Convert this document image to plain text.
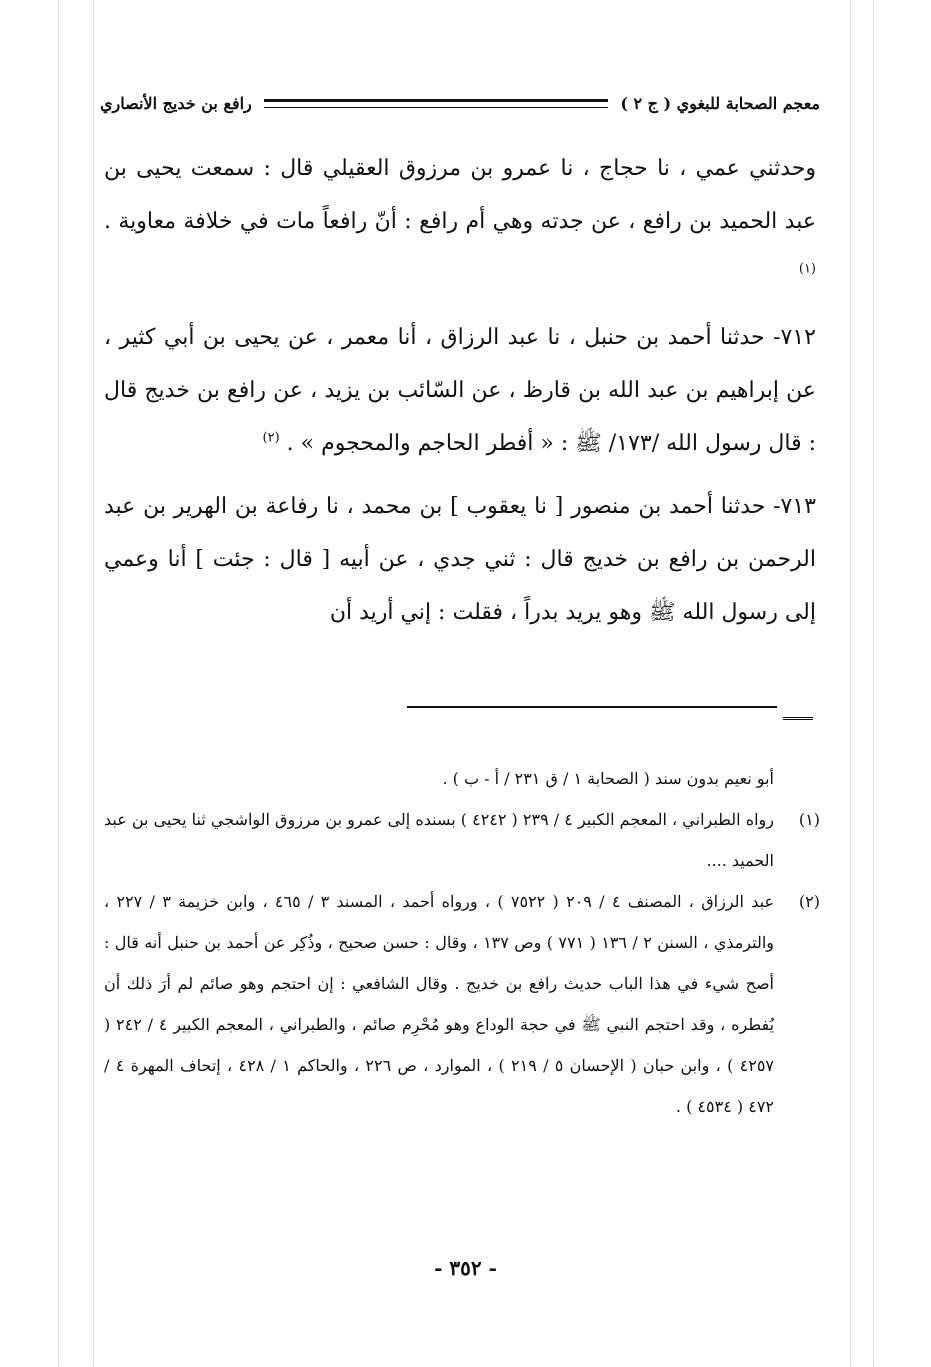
معجم الصحابة للبغوي ( ج ٢ )
رافع بن خديج الأنصاري

وحدثني عمي ، نا حجاج ، نا عمرو بن مرزوق العقيلي قال : سمعت يحيى بن عبد الحميد بن رافع ، عن جدته وهي أم رافع : أنّ رافعاً مات في خلافة معاوية . $^{(١)}$

٧١٢- حدثنا أحمد بن حنبل ، نا عبد الرزاق ، أنا معمر ، عن يحيى بن أبي كثير ، عن إبراهيم بن عبد الله بن قارظ ، عن السّائب بن يزيد ، عن رافع بن خديج قال : قال رسول الله /١٧٣/ ﷺ : « أفطر الحاجم والمحجوم » . $^{(٢)}$

٧١٣- حدثنا أحمد بن منصور [ نا يعقوب ] بن محمد ، نا رفاعة بن الهرير بن عبد الرحمن بن رافع بن خديج قال : ثني جدي ، عن أبيه [ قال : جئت ] أنا وعمي إلى رسول الله ﷺ وهو يريد بدراً ، فقلت : إني أريد أن

أبو نعيم بدون سند ( الصحابة ١ / ق ٢٣١ / أ - ب ) .
(١)
رواه الطبراني ، المعجم الكبير ٤ / ٢٣٩ ( ٤٢٤٢ ) بسنده إلى عمرو بن مرزوق الواشجي ثنا يحيى بن عبد الحميد ....
(٢)
عبد الرزاق ، المصنف ٤ / ٢٠٩ ( ٧٥٢٢ ) ، ورواه أحمد ، المسند ٣ / ٤٦٥ ، وابن خزيمة ٣ / ٢٢٧ ، والترمذي ، السنن ٢ / ١٣٦ ( ٧٧١ ) وص ١٣٧ ، وقال : حسن صحيح ، وذُكِر عن أحمد بن حنبل أنه قال : أصح شيء في هذا الباب حديث رافع بن خديج . وقال الشافعي : إن احتجم وهو صائم لم أرَ ذلك أن يُفطره ، وقد احتجم النبي ﷺ في حجة الوداع وهو مُحْرِم صائم ، والطبراني ، المعجم الكبير ٤ / ٢٤٢ ( ٤٢٥٧ ) ، وابن حبان ( الإحسان ٥ / ٢١٩ ) ، الموارد ، ص ٢٢٦ ، والحاكم ١ / ٤٢٨ ، إتحاف المهرة ٤ / ٤٧٢ ( ٤٥٣٤ ) .
- ٣٥٢ -
